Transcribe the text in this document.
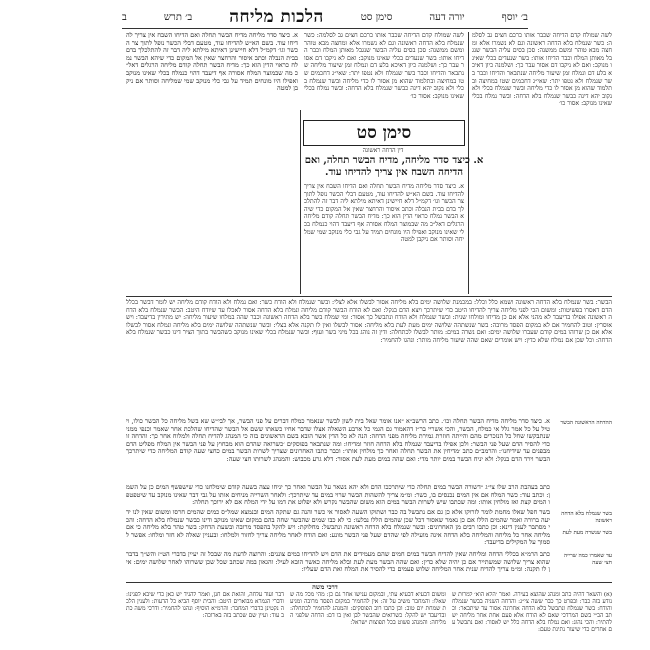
ב׳ יוסף
יורה דעה
סימן סט
הלכות מליחה
ב׳ תרש
ב
לשה שמולח קדם הדיחה שכבר אותו כרכם חצים גב לסלמה: כשר שנמלח בלא הדחה ראשונה וגם לא נשמרו אלא ומחצה מבא טוהר ומשם ממשנה: סכן בסים עליה הבשר שנגבל מאותן המלח וכבר הדיחו אותו: בשר שנעדים בכלי שאינו מנוקב: ואם לא ניקבו דם אסור עבר כך: ושלמנה כיון דאיכא בלע דם ונמלח זמן שיעור מליחה שנתבאר והדיחו וכבר בשר שנמלח ולא נטפו יתר: שאי״ג דחכמים שטו במחיצה ובתלמוד שהוא מן אסור לו כדי מליחה ובשר שנמלח בכלי ולא נקוב יהא דינה כבשר שנמלח בלא הדחה: ובשר נמלח בכלי שאינו מנוקב: אסור כו׳
א. כיצד סדר מליחה מדיח הבשר תחלה ואם הדיחו השבח אין צריך להדיחו עוד. בשם הא״ש להדיחו עוד, מטעם דבלי הכשר נופל לתוך צר הכשר וגו׳ דקמ״ל דלא חיישינן דאיתא מילתא ליה דבר זה להתלכלך בדם בבית הנבלה וכתב איסור והרחצר שאין אל המקום כדי שיהא הבשר נמלח כראוי הדין הוא כך: מדיח הבשר תחלה קודם מליחה הרגלים דאל״כ מה שבמוצר המלח אסורה אף דיעבד דהוי כנמלח בכלי שאינו מנוקב ואפילו היו מונחים תמיד על גבי כלי מנוקב שמי שמליחה וסותר אם ניקבן למטה
לשה שמולח קדם הדיחה שכבר אותו כרכם חצים גב לסלמה: כשר שנמלח בלא הדחה ראשונה וגם לא נשמרו אלא ומחצה מבא טוהר ומשם ממשנה: סכן בסים עליה הבשר שנגבל מאותן המלח וכבר הדיחו אותו: בשר שנעדים בכלי שאינו מנוקב: ואם לא ניקבו דם אסור עבר כך: ושלמנה כיון דאיכא בלע דם ונמלח זמן שיעור מליחה שנתבאר והדיחו וכבר בשר שנמלח ולא נטפו יתר: שאי״ג דחכמים שטו במחיצה ובתלמוד שהוא מן אסור לו כדי מליחה ובשר שנמלח בכלי ולא נקוב יהא דינה כבשר שנמלח בלא הדחה: ובשר נמלח בכלי שאינו מנוקב: אסור כו׳
סימן סט
דין הדחה ראשונה
א. כיצד סדר מליחה, מדיח הבשר תחלה, ואם הדיחה השבח אין צריך להדיחו עוד.
א. כיצד סדר מליחה מדיח הבשר תחלה ואם הדיחו השבח אין צריך להדיחו עוד. בשם הא״ש להדיחו עוד, מטעם דבלי הכשר נופל לתוך צר הכשר וגו׳ דקמ״ל דלא חיישינן דאיתא מילתא ליה דבר זה להתלכלך בדם בבית הנבלה וכתב איסור והרחצר שאין אל המקום כדי שיהא הבשר נמלח כראוי הדין הוא כך: מדיח הבשר תחלה קודם מליחה הרגלים דאל״כ מה שבמוצר המלח אסורה אף דיעבד דהוי כנמלח בכלי שאינו מנוקב ואפילו היו מונחים תמיד על גבי כלי מנוקב שמי שמליחה וסותר אם ניקבן למטה
הבשר: בשר שנמלח בלא הדחה ראשונה ושמא כלל וכלל: במכמנת שלושה ימים בלא מליחה אסור לבשלו אלא לצלי: ובשר שנמלח ולא הודח כשר: ואם נמלח ולא הודח קודם מליחה יש לומר דבשר בכלל הדם דאסרו בפשיטות: ומשום הכי לפני מליחה צריך להדיחו היטב כדי שיתרכך ויצא הדם בנקל: ואם לא הודח הבשר קודם מליחה ונמלח בלא הדחה אסור לאכלו עד שיודח היטב: הבשר שנמלח בלא הדחה ראשונה אפילו בדיעבד לא מהני אלא אם כן מדיחו ומולחו שנית: ובשר שנמלח ולא הודח ונתבשל כך אסור: ומי שמלח בשר בלא הדחה ראשונה וכבר שהה במלחו שיעור מליחה: יש מתירין בדיעבד: ויש אוסרין: וטוב להחמיר אם לא במקום הפסד מרובה: בשר שנשתהה שלושה ימים מעת לעת בלא מליחה: אסור לבשלו ואין לו תקנה אלא בצלי: ובשר שנשתהה שלושה ימים בלא מליחה ונמלח אסור לבשלו אלא אם כן שרוהו במים קודם שעברו שלושה ימים: ואם נשרה במים: מותר לבשלו לכתחלה: ודין זה נוהג בכל מיני בשר ועוף: ובשר שנמלח בכלי שאינו מנוקב כשהבשר בתוך הציר דינו כבשר שנמלח בלא הדחה: וכל שכן אם נמלח שלא כדין: ויש אומרים שאם שהה שיעור מליחה מותר: ונהגו להחמיר:
א. כיצד סדר מליחה מדיח הבשר תחלה וכו׳. כתב הרשב״א ״אנו אומר שאל בית לשון לבשר שנאמר כמלח דברים על פני הבשר, אך לבי״ש שא בשל מליחה כל הבשר כולו, ויטיל על כל אמר גלל אי כמלח, הבשר, והכי אשריי בר״ז דהאמור גם הגמי כל ארבע השאלה אצלו שדבר אחיו כשאתו ששם אל הבשר שהדיחו שהלכת אחר שאמר וכנפי ממני שנתבקשו שחל כל הנזכרים מהם והייתה חוזרת גמירת מליחה מפני הדחה: הנה לא כל הדין אשר הובא בשם הראשונים בזה כי המנהג להדיח תחלה ולמלוח אחר כך: והדחה זו כדי להסיר הדם שעל פני הבשר: ולכן אפילו בדיעבד שנמלח בלא הדחה חוזר ומדיחו: ומה שנתבאר בפוסקים ׳כשרואה שהדם הוא מבחוץ על פני הבשר אין המלח מפליט הדם מבפנים עד שידיחנו׳: והרמב״ם כתב ׳מדיחין את הבשר תחלה ואחר כך מולחין אותו׳: וכבר כתבו האחרונים שצריך לשרות הבשר במים כחצי שעה קודם המליחה כדי שיתרכך הבשר וירד הדם בנקל: ולא יניח הבשר במים יותר מדי: ואם שהה במים מעת לעת אסור: דלא גרע מכבוש: והמנהג לשרותו חצי שעה:
ההדחה הראשונה הבשר
כתב בעהבת הרב שלו צי״ג ״דשורה הבשר במים תחלה כדי שיתרככו הדם ולא יהא נשאר על הבשר ואחר כך יניחו עצה בשעה קודם שימלחנו כדי שישפשף המים כן על השמן: וכתב עוד: כשר המלח אם אין המים נכנסים בו, כשר: ומ״מ צריך להשהות הבשר שרוי במים עד שיתרכך: ולאחר השרייה מניחים אותו על גבי דבר שאינו מנוקב עד שיטפטפו המים קצת ואז מולחין אותו: ומה שכתבו שיש לשרות הבשר במים הוא משום שהבשר נקרש ולא יפלוט את דמו על ידי המלח אם לא ירוכך תחלה:
בשר חפל שאלו מחמת לומר לזרוקו אלא כן גם אם נתבשל בה כבר ושתוקו השעה לאסור אי כשר והנה גם שתקה המים ובנמצא שמל״ס כמים שהמים חרסו ומשום שאין לנו ידיעה ברורה ואמר שהמים הללו אם כן נאמר שאסור דכל שכן שהמים הללו נבלעו: כי לא כבו שמים שהבשר שחה בהם במקום שאינו מנוקב ודינו כבשר שנמלח בלא הדחה: והכי מסתבר לענין דינא: וכן כתבו רבים מן האחרונים: ובשר שנמלח בלא הדחה ראשונה ונתבשל: מחלוקת: ויש להקל בהפסד מרובה ובשעת הדחק: בשר טהר בלא מליחה כי אם מליחה אחר כל מליחה והמליחה בלא הדחה אינה מועילה לפי שהדם שעל פני הבשר מונע: ואם הודח לאחר מליחה צריך לחזור ולמלחו: ובעניין שאלה לא חזר ומלחו: אפשר לסמוך על המקילים בדיעבד:
בשר שנמלח בלא הדחה ראשונה
בשר שנשרה מעת לעת
כתב הרמ״א בכללי הדחה ומליחה שאין להדיח הבשר במים חמים שהם מעמידים את הדם ויש להדיחו במים צוננים: והרוצה לדעת מה שבכל זה יעיין בדברי הט״ז והש״ך בדבר שהוא צריך שלושה שמשתייר אם כן יהיה שלא כדין: ואם שהה הבשר מעת לעת ובלא מליחה כאשר הובא לעיל: והגאון במה שכתב שכל שכן ששרוהו לאחר שלושה ימים: אין לו תקנה: ומ״מ צריך להדיח שנית אחר המליחה שלוש פעמים כדי להסיר את המלח ואת הדם שעליו:
עד שאמרו כמה שרייה חצי שעה
דרכי משה
(א) והשאר דהיה כתב ומנהג שהוצא בעירה. ואמר ׳הלא הוא׳ למרות שנודע בזה כבר: ובפרט כך כבר ששה צי״ג: והדחה השניה בבשר שנמלח והודח: בשר שנמלח ונתבשל בלא הדחה אחרונה אסור עד שיתבאר: וכתב הב״י בשם המרדכי שאם לא הודח אלא פעם אחת אחר מליחה יש להתיר: והכי נהוג: ואם נמלח בלא הדחה כלל יש לאסור: ואם נתבשל עם אחרים כדי שיעור נתינת טעם:
ומשום דבעיא דבעיא עתי, ובמקום ענישו אחר גם כן: מהי מכל מה ששאלו: והמחבר משיב על זה: אין להחמיר במקום הפסד מרובה ומניעת שמחת יום טוב: וכן כתבו רוב הפוסקים: והמנהג להחמיר לכתחלה: ובדיעבד יש להקל: כשרואים שהבשר לבן ואין בו דם: הדחה שלפני המליחה: והמנהג פשוט בכל תפוצות ישראל:
דבר ועוד עלחה, והואת אם חנן, ואמר להגיד יש כאן כדי שיבא לפנינו: ודברי הגמרא מבוארים היטב: והבית יוסף הביא כל הדעות: ולענין הלכה נקטינן כדברי המחבר: והרמ״א הוסיף: ונהגו להחמיר: ודרכי משה כתב עוד: ועיין שם שכתב בזה בארוכה:
